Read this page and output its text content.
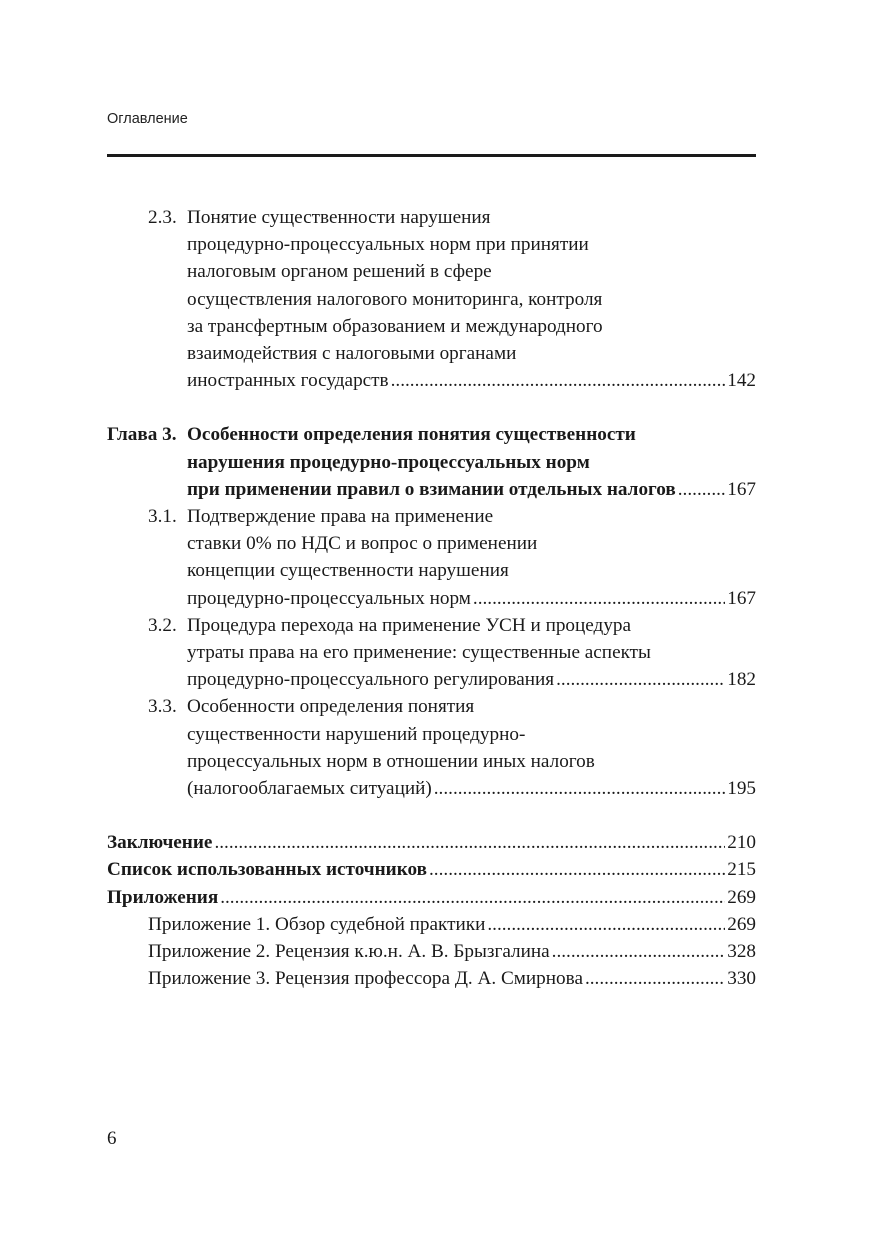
Оглавление
2.3. Понятие существенности нарушения
процедурно-процессуальных норм при принятии
налоговым органом решений в сфере
осуществления налогового мониторинга, контроля
за трансфертным образованием и международного
взаимодействия с налоговыми органами
иностранных государств . . .	142
Глава 3. Особенности определения понятия существенности
нарушения процедурно-процессуальных норм
при применении правил о взимании отдельных налогов . . .	167
3.1. Подтверждение права на применение
ставки 0% по НДС и вопрос о применении
концепции существенности нарушения
процедурно-процессуальных норм . . .	167
3.2. Процедура перехода на применение УСН и процедура
утраты права на его применение: существенные аспекты
процедурно-процессуального регулирования . . .	182
3.3. Особенности определения понятия
существенности нарушений процедурно-
процессуальных норм в отношении иных налогов
(налогооблагаемых ситуаций) . . .	195
Заключение . . .	210
Список использованных источников . . .	215
Приложения . . .	269
Приложение 1. Обзор судебной практики . . .	269
Приложение 2. Рецензия к.ю.н. А. В. Брызгалина . . .	328
Приложение 3. Рецензия профессора Д. А. Смирнова . . .	330
6
